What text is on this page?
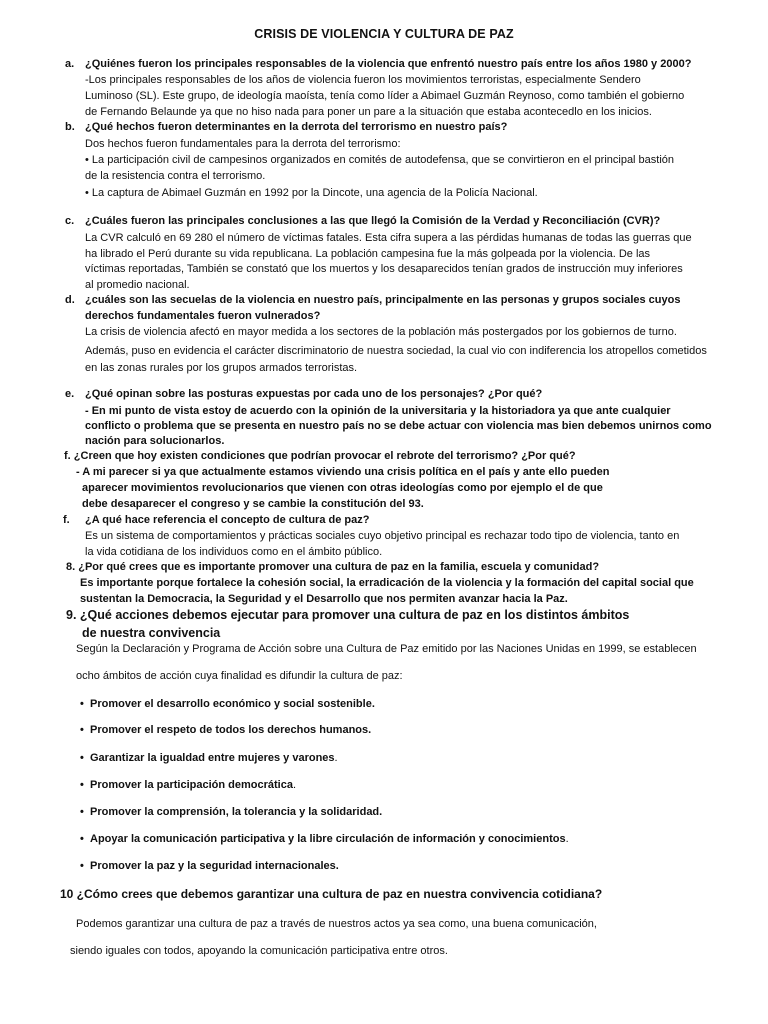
CRISIS DE VIOLENCIA Y CULTURA DE PAZ
a. ¿Quiénes fueron los principales responsables de la violencia que enfrentó nuestro país entre los años 1980 y 2000?
-Los principales responsables de los años de violencia fueron los movimientos terroristas, especialmente Sendero
Luminoso (SL). Este grupo, de ideología maoísta, tenía como líder a Abimael Guzmán Reynoso, como también el gobierno
de Fernando Belaunde ya que no hiso nada para poner un pare a la situación que estaba acontecedlo en los inicios.
b. ¿Qué hechos fueron determinantes en la derrota del terrorismo en nuestro país?
Dos hechos fueron fundamentales para la derrota del terrorismo:
• La participación civil de campesinos organizados en comités de autodefensa, que se convirtieron en el principal bastión
de la resistencia contra el terrorismo.
• La captura de Abimael Guzmán en 1992 por la Dincote, una agencia de la Policía Nacional.
c. ¿Cuáles fueron las principales conclusiones a las que llegó la Comisión de la Verdad y Reconciliación (CVR)?
La CVR calculó en 69 280 el número de víctimas fatales. Esta cifra supera a las pérdidas humanas de todas las guerras que
ha librado el Perú durante su vida republicana. La población campesina fue la más golpeada por la violencia. De las
víctimas reportadas, También se constató que los muertos y los desaparecidos tenían grados de instrucción muy inferiores
al promedio nacional.
d. ¿cuáles son las secuelas de la violencia en nuestro país, principalmente en las personas y grupos sociales cuyos
derechos fundamentales fueron vulnerados?
La crisis de violencia afectó en mayor medida a los sectores de la población más postergados por los gobiernos de turno.
Además, puso en evidencia el carácter discriminatorio de nuestra sociedad, la cual vio con indiferencia los atropellos cometidos
en las zonas rurales por los grupos armados terroristas.
e. ¿Qué opinan sobre las posturas expuestas por cada uno de los personajes? ¿Por qué?
- En mi punto de vista estoy de acuerdo con la opinión de la universitaria y la historiadora ya que ante cualquier
conflicto o problema que se presenta en nuestro país no se debe actuar con violencia mas bien debemos unirnos como
nación para solucionarlos.
f. ¿Creen que hoy existen condiciones que podrían provocar el rebrote del terrorismo? ¿Por qué?
- A mi parecer si ya que actualmente estamos viviendo una crisis política en el país y ante ello pueden
aparecer movimientos revolucionarios que vienen con otras ideologías como por ejemplo el de que
debe desaparecer el congreso y se cambie la constitución del 93.
f. ¿A qué hace referencia el concepto de cultura de paz?
Es un sistema de comportamientos y prácticas sociales cuyo objetivo principal es rechazar todo tipo de violencia, tanto en
la vida cotidiana de los individuos como en el ámbito público.
8. ¿Por qué crees que es importante promover una cultura de paz en la familia, escuela y comunidad?
Es importante porque fortalece la cohesión social, la erradicación de la violencia y la formación del capital social que
sustentan la Democracia, la Seguridad y el Desarrollo que nos permiten avanzar hacia la Paz.
9. ¿Qué acciones debemos ejecutar para promover una cultura de paz en los distintos ámbitos
de nuestra convivencia
Según la Declaración y Programa de Acción sobre una Cultura de Paz emitido por las Naciones Unidas en 1999, se establecen
ocho ámbitos de acción cuya finalidad es difundir la cultura de paz:
• Promover el desarrollo económico y social sostenible.
• Promover el respeto de todos los derechos humanos.
• Garantizar la igualdad entre mujeres y varones.
• Promover la participación democrática.
• Promover la comprensión, la tolerancia y la solidaridad.
• Apoyar la comunicación participativa y la libre circulación de información y conocimientos.
• Promover la paz y la seguridad internacionales.
10 ¿Cómo crees que debemos garantizar una cultura de paz en nuestra convivencia cotidiana?
Podemos garantizar una cultura de paz a través de nuestros actos ya sea como, una buena comunicación,
siendo iguales con todos, apoyando la comunicación participativa entre otros.
